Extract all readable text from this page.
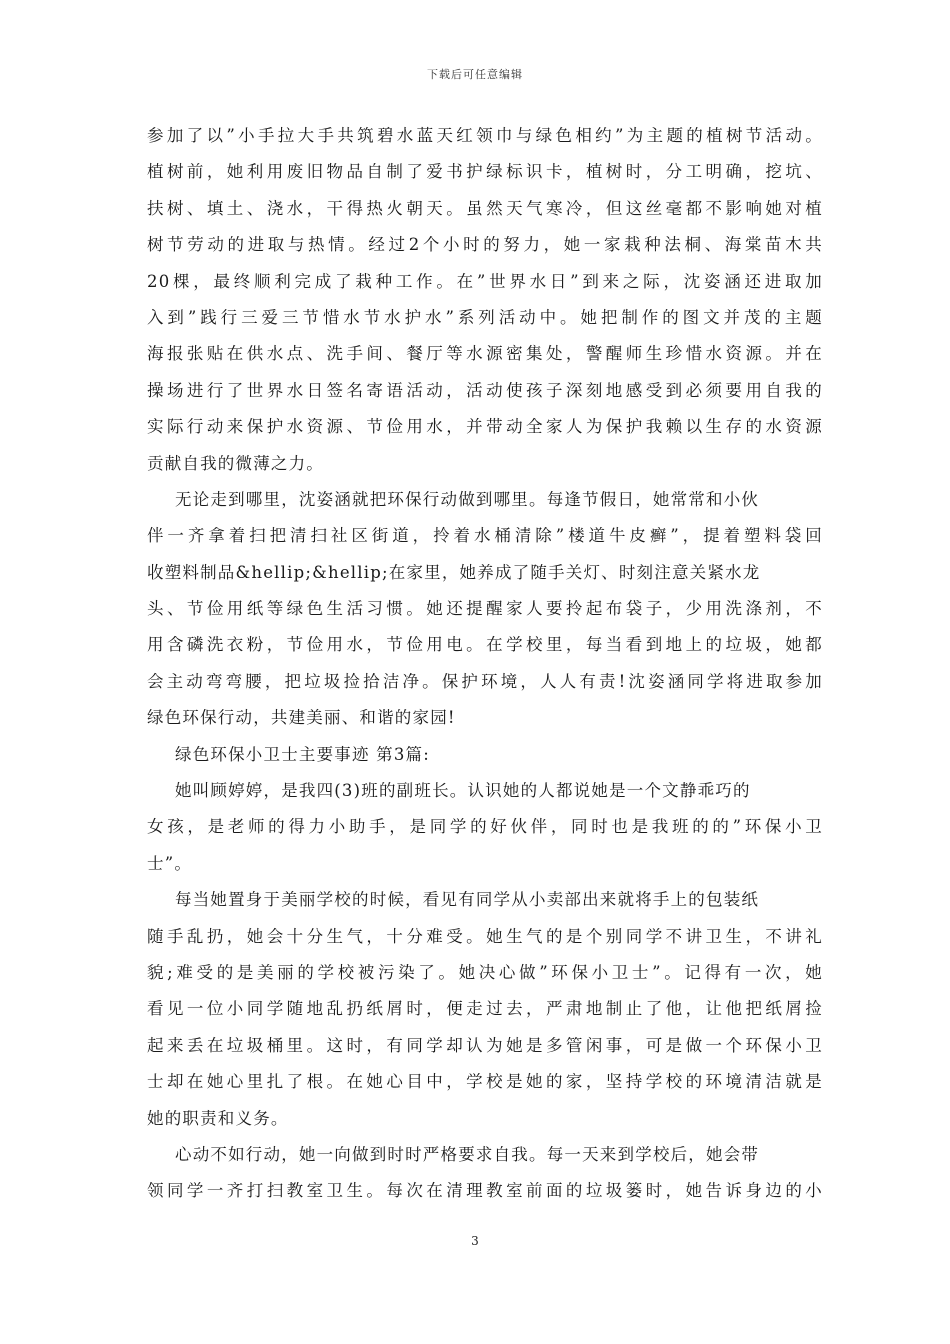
下载后可任意编辑
参加了以”小手拉大手共筑碧水蓝天红领巾与绿色相约”为主题的植树节活动。
植树前，她利用废旧物品自制了爱书护绿标识卡，植树时，分工明确，挖坑、
扶树、填土、浇水，干得热火朝天。虽然天气寒冷，但这丝毫都不影响她对植
树节劳动的进取与热情。经过2个小时的努力，她一家栽种法桐、海棠苗木共
20棵，最终顺利完成了栽种工作。在”世界水日”到来之际，沈姿涵还进取加
入到”践行三爱三节惜水节水护水”系列活动中。她把制作的图文并茂的主题
海报张贴在供水点、洗手间、餐厅等水源密集处，警醒师生珍惜水资源。并在
操场进行了世界水日签名寄语活动，活动使孩子深刻地感受到必须要用自我的
实际行动来保护水资源、节俭用水，并带动全家人为保护我赖以生存的水资源
贡献自我的微薄之力。
无论走到哪里，沈姿涵就把环保行动做到哪里。每逢节假日，她常常和小伙
伴一齐拿着扫把清扫社区街道，拎着水桶清除”楼道牛皮癣”，提着塑料袋回
收塑料制品&hellip;&hellip;在家里，她养成了随手关灯、时刻注意关紧水龙
头、节俭用纸等绿色生活习惯。她还提醒家人要拎起布袋子，少用洗涤剂，不
用含磷洗衣粉，节俭用水，节俭用电。在学校里，每当看到地上的垃圾，她都
会主动弯弯腰，把垃圾捡拾洁净。保护环境，人人有责!沈姿涵同学将进取参加
绿色环保行动，共建美丽、和谐的家园!
绿色环保小卫士主要事迹 第3篇:
她叫顾婷婷，是我四(3)班的副班长。认识她的人都说她是一个文静乖巧的
女孩，是老师的得力小助手，是同学的好伙伴，同时也是我班的的”环保小卫
士”。
每当她置身于美丽学校的时候，看见有同学从小卖部出来就将手上的包装纸
随手乱扔，她会十分生气，十分难受。她生气的是个别同学不讲卫生，不讲礼
貌;难受的是美丽的学校被污染了。她决心做”环保小卫士”。记得有一次，她
看见一位小同学随地乱扔纸屑时，便走过去，严肃地制止了他，让他把纸屑捡
起来丢在垃圾桶里。这时，有同学却认为她是多管闲事，可是做一个环保小卫
士却在她心里扎了根。在她心目中，学校是她的家，坚持学校的环境清洁就是
她的职责和义务。
心动不如行动，她一向做到时时严格要求自我。每一天来到学校后，她会带
领同学一齐打扫教室卫生。每次在清理教室前面的垃圾篓时，她告诉身边的小
3
